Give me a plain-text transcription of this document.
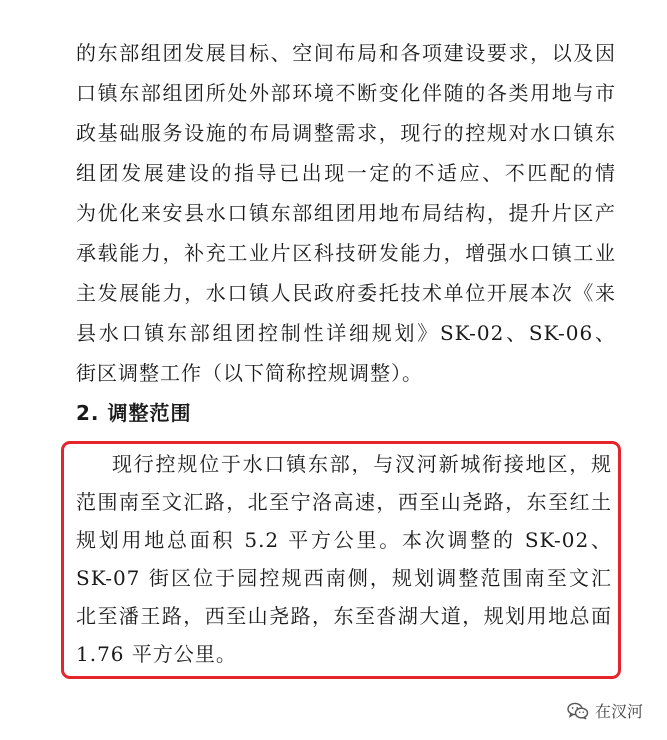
的东部组团发展目标、空间布局和各项建设要求，以及因
口镇东部组团所处外部环境不断变化伴随的各类用地与市
政基础服务设施的布局调整需求，现行的控规对水口镇东
组团发展建设的指导已出现一定的不适应、不匹配的情
为优化来安县水口镇东部组团用地布局结构，提升片区产
承载能力，补充工业片区科技研发能力，增强水口镇工业
主发展能力，水口镇人民政府委托技术单位开展本次《来
县水口镇东部组团控制性详细规划》SK-02、SK-06、
街区调整工作（以下简称控规调整）。
2. 调整范围
现行控规位于水口镇东部，与汊河新城衔接地区，规
范围南至文汇路，北至宁洛高速，西至山尧路，东至红土
规划用地总面积 5.2 平方公里。本次调整的 SK-02、
SK-07 街区位于园控规西南侧，规划调整范围南至文汇
北至潘王路，西至山尧路，东至沓湖大道，规划用地总面
1.76 平方公里。
在汊河
